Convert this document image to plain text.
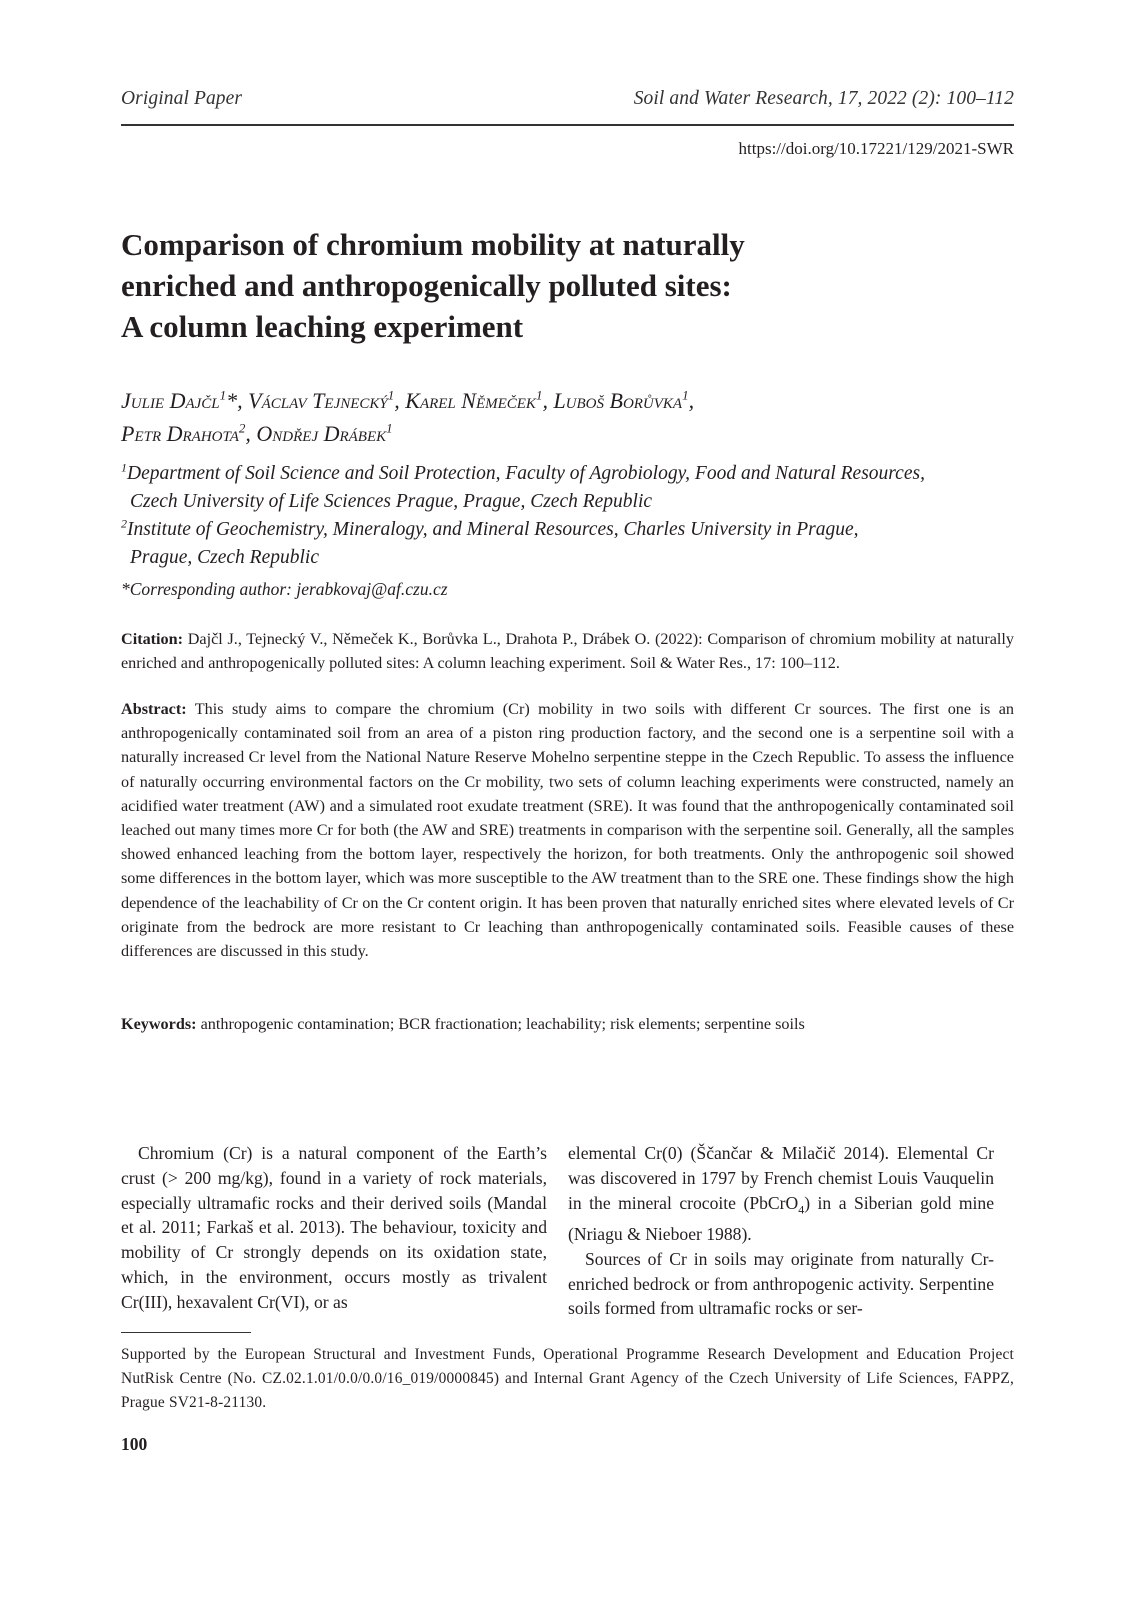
Original Paper	Soil and Water Research, 17, 2022 (2): 100–112
https://doi.org/10.17221/129/2021-SWR
Comparison of chromium mobility at naturally
enriched and anthropogenically polluted sites:
A column leaching experiment
Julie Dajčl$^1$*, Václav Tejnecký$^1$, Karel Němeček$^1$, Luboš Borůvka$^1$,
Petr Drahota$^2$, Ondřej Drábek$^1$
$^1$Department of Soil Science and Soil Protection, Faculty of Agrobiology, Food and Natural Resources,
Czech University of Life Sciences Prague, Prague, Czech Republic
$^2$Institute of Geochemistry, Mineralogy, and Mineral Resources, Charles University in Prague,
Prague, Czech Republic
*Corresponding author: jerabkovaj@af.czu.cz
Citation: Dajčl J., Tejnecký V., Němeček K., Borůvka L., Drahota P., Drábek O. (2022): Comparison of chromium mobility at naturally enriched and anthropogenically polluted sites: A column leaching experiment. Soil & Water Res., 17: 100–112.
Abstract: This study aims to compare the chromium (Cr) mobility in two soils with different Cr sources. The first one is an anthropogenically contaminated soil from an area of a piston ring production factory, and the second one is a serpentine soil with a naturally increased Cr level from the National Nature Reserve Mohelno serpentine steppe in the Czech Republic. To assess the influence of naturally occurring environmental factors on the Cr mobility, two sets of column leaching experiments were constructed, namely an acidified water treatment (AW) and a simulated root exudate treatment (SRE). It was found that the anthropogenically contaminated soil leached out many times more Cr for both (the AW and SRE) treatments in comparison with the serpentine soil. Generally, all the samples showed enhanced leaching from the bottom layer, respectively the horizon, for both treatments. Only the anthropogenic soil showed some differences in the bottom layer, which was more susceptible to the AW treatment than to the SRE one. These findings show the high dependence of the leachability of Cr on the Cr content origin. It has been proven that naturally enriched sites where elevated levels of Cr originate from the bedrock are more resistant to Cr leaching than anthropogenically contaminated soils. Feasible causes of these differences are discussed in this study.
Keywords: anthropogenic contamination; BCR fractionation; leachability; risk elements; serpentine soils

Chromium (Cr) is a natural component of the Earth’s crust (> 200 mg/kg), found in a variety of rock materials, especially ultramafic rocks and their derived soils (Mandal et al. 2011; Farkaš et al. 2013). The behaviour, toxicity and mobility of Cr strongly depends on its oxidation state, which, in the environment, occurs mostly as trivalent Cr(III), hexavalent Cr(VI), or as

elemental Cr(0) (Ščančar & Milačič 2014). Elemental Cr was discovered in 1797 by French chemist Louis Vauquelin in the mineral crocoite (PbCrO$_4$) in a Siberian gold mine (Nriagu & Nieboer 1988).

Sources of Cr in soils may originate from naturally Cr-enriched bedrock or from anthropogenic activity. Serpentine soils formed from ultramafic rocks or ser-

Supported by the European Structural and Investment Funds, Operational Programme Research Development and Education Project NutRisk Centre (No. CZ.02.1.01/0.0/0.0/16_019/0000845) and Internal Grant Agency of the Czech University of Life Sciences, FAPPZ, Prague SV21-8-21130.
100
